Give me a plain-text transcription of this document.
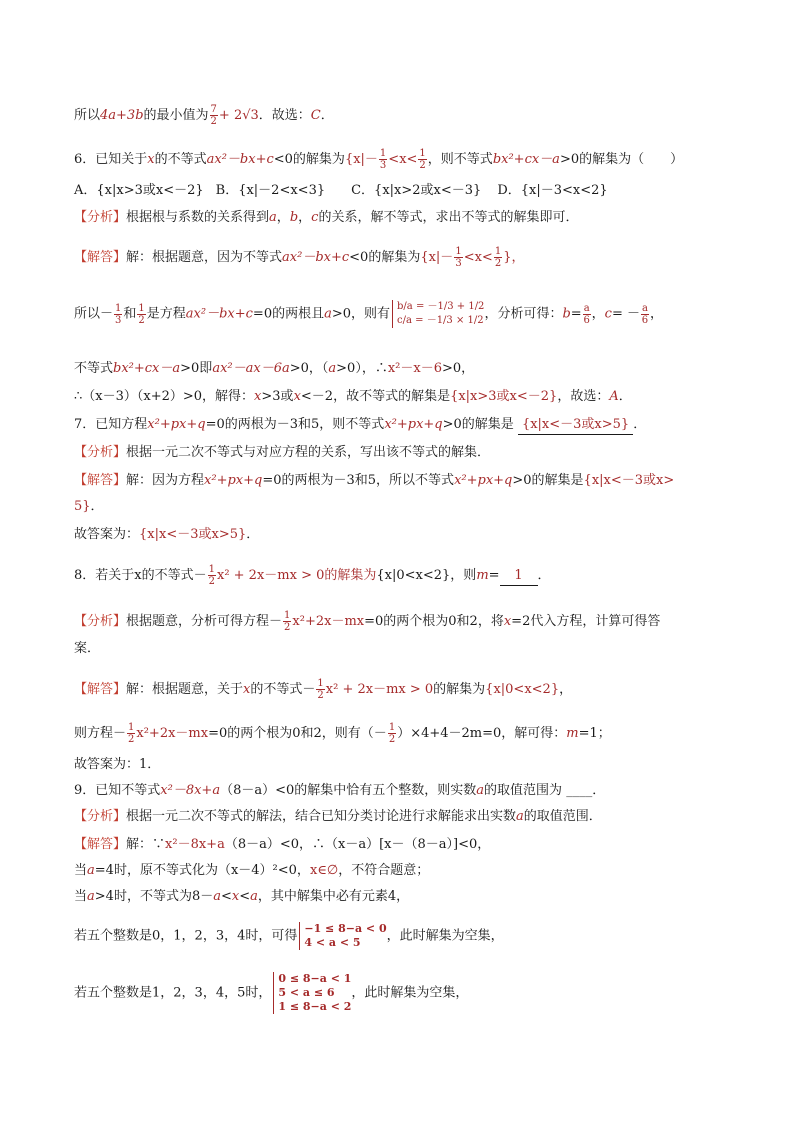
所以4a+3b的最小值为 $\frac{7}{2} + 2√3$．故选：C．
6．已知关于x的不等式ax²－bx+c<0的解集为{$x|- \frac{1}{3} <x< \frac{1}{2}$ ，则不等式bx²+cx－a>0的解集为（　　）
A．{x|x>3或x<－2} B．{x|－2<x<3} C．{x|x>2或x<－3} D．{x|－3<x<2}
【分析】根据根与系数的关系得到a，b，c的关系，解不等式，求出不等式的解集即可．
【解答】解：根据题意，因为不等式ax²－bx+c<0的解集为{$x|- \frac{1}{3} <x< \frac{1}{2}$ }，
所以－ $\frac{1}{3}$ 和 $\frac{1}{2}$ 是方程ax²－bx+c=0的两根且a>0，则有 b/a = －1/3 + 1/2
c/a = －1/3 × 1/2 ，分析可得：$b= \frac{a}{6}$ ，$c= - \frac{a}{6}$ ，
不等式bx²+cx－a>0即ax²－ax－6a>0，（a>0），∴x²－x－6>0，
∴（x－3）（x+2）>0，解得：x>3或x<－2，故不等式的解集是{x|x>3或x<－2}，故选：A．
7．已知方程x²+px+q=0的两根为－3和5，则不等式x²+px+q>0的解集是 {x|x<－3或x>5} ．
【分析】根据一元二次不等式与对应方程的关系，写出该不等式的解集．
【解答】解：因为方程x²+px+q=0的两根为－3和5，所以不等式x²+px+q>0的解集是{x|x<－3或x>
5}．
故答案为：{x|x<－3或x>5}．
8．若关于x的不等式－ $\frac{1}{2} x^2 + 2x-mx > 0$的解集为{x|0<x<2}，则m= 1 ．
【分析】根据题意，分析可得方程－ $\frac{1}{2} x^2+2x-mx=0$的两个根为0和2，将x=2代入方程，计算可得答
案．
【解答】解：根据题意，关于x的不等式－ $\frac{1}{2} x^2 + 2x-mx > 0$的解集为{x|0<x<2}，
则方程－ $\frac{1}{2} x^2+2x-mx=0$的两个根为0和2，则有（－ $\frac{1}{2} )\times 4+4-2m=0$，解可得：m=1；
故答案为：1．
9．已知不等式x²－8x+a（8－a）<0的解集中恰有五个整数，则实数a的取值范围为 ____．
【分析】根据一元二次不等式的解法，结合已知分类讨论进行求解能求出实数a的取值范围．
【解答】解：∵x²－8x+a（8－a）<0，∴（x－a）[x－（8－a）]<0，
当a=4时，原不等式化为（x－4）²<0，x∈∅，不符合题意；
当a>4时，不等式为8－a<x<a，其中解集中必有元素4，
若五个整数是0，1，2，3，4时，可得 −1 ≤ 8−a < 0
4 < a < 5	，此时解集为空集，
若五个整数是1，2，3，4，5时，
0 ≤ 8−a < 1
5 < a ≤ 6
1 ≤ 8−a < 2
，此时解集为空集，
